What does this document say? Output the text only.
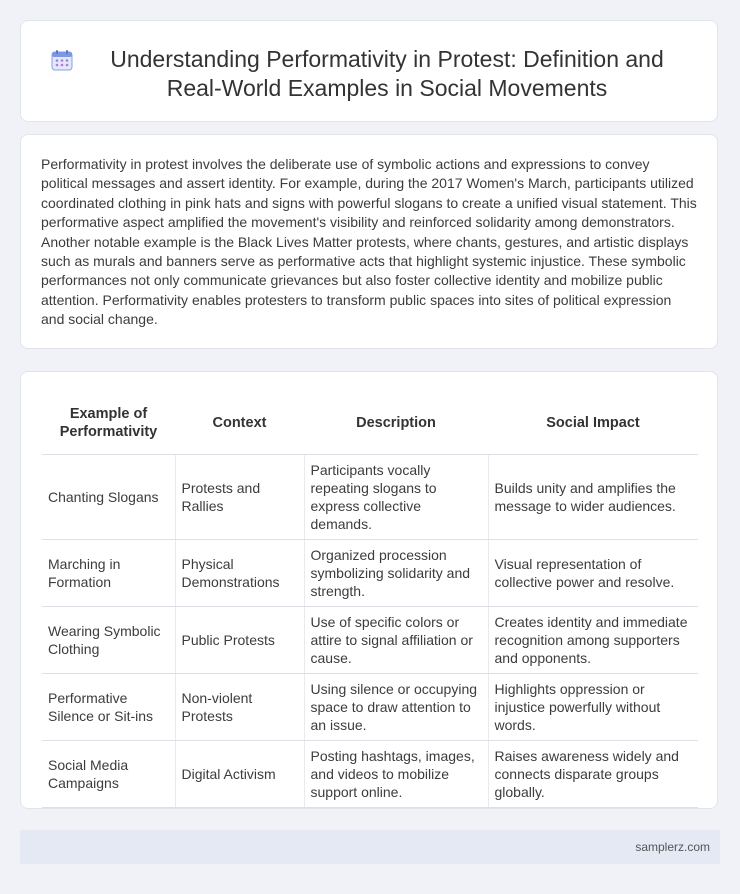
Understanding Performativity in Protest: Definition and Real-World Examples in Social Movements

Performativity in protest involves the deliberate use of symbolic actions and expressions to convey political messages and assert identity. For example, during the 2017 Women's March, participants utilized coordinated clothing in pink hats and signs with powerful slogans to create a unified visual statement. This performative aspect amplified the movement's visibility and reinforced solidarity among demonstrators. Another notable example is the Black Lives Matter protests, where chants, gestures, and artistic displays such as murals and banners serve as performative acts that highlight systemic injustice. These symbolic performances not only communicate grievances but also foster collective identity and mobilize public attention. Performativity enables protesters to transform public spaces into sites of political expression and social change.

Example of Performativity	Context	Description	Social Impact
Chanting Slogans	Protests and Rallies	Participants vocally repeating slogans to express collective demands.	Builds unity and amplifies the message to wider audiences.
Marching in Formation	Physical Demonstrations	Organized procession symbolizing solidarity and strength.	Visual representation of collective power and resolve.
Wearing Symbolic Clothing	Public Protests	Use of specific colors or attire to signal affiliation or cause.	Creates identity and immediate recognition among supporters and opponents.
Performative Silence or Sit-ins	Non-violent Protests	Using silence or occupying space to draw attention to an issue.	Highlights oppression or injustice powerfully without words.
Social Media Campaigns	Digital Activism	Posting hashtags, images, and videos to mobilize support online.	Raises awareness widely and connects disparate groups globally.
samplerz.com
